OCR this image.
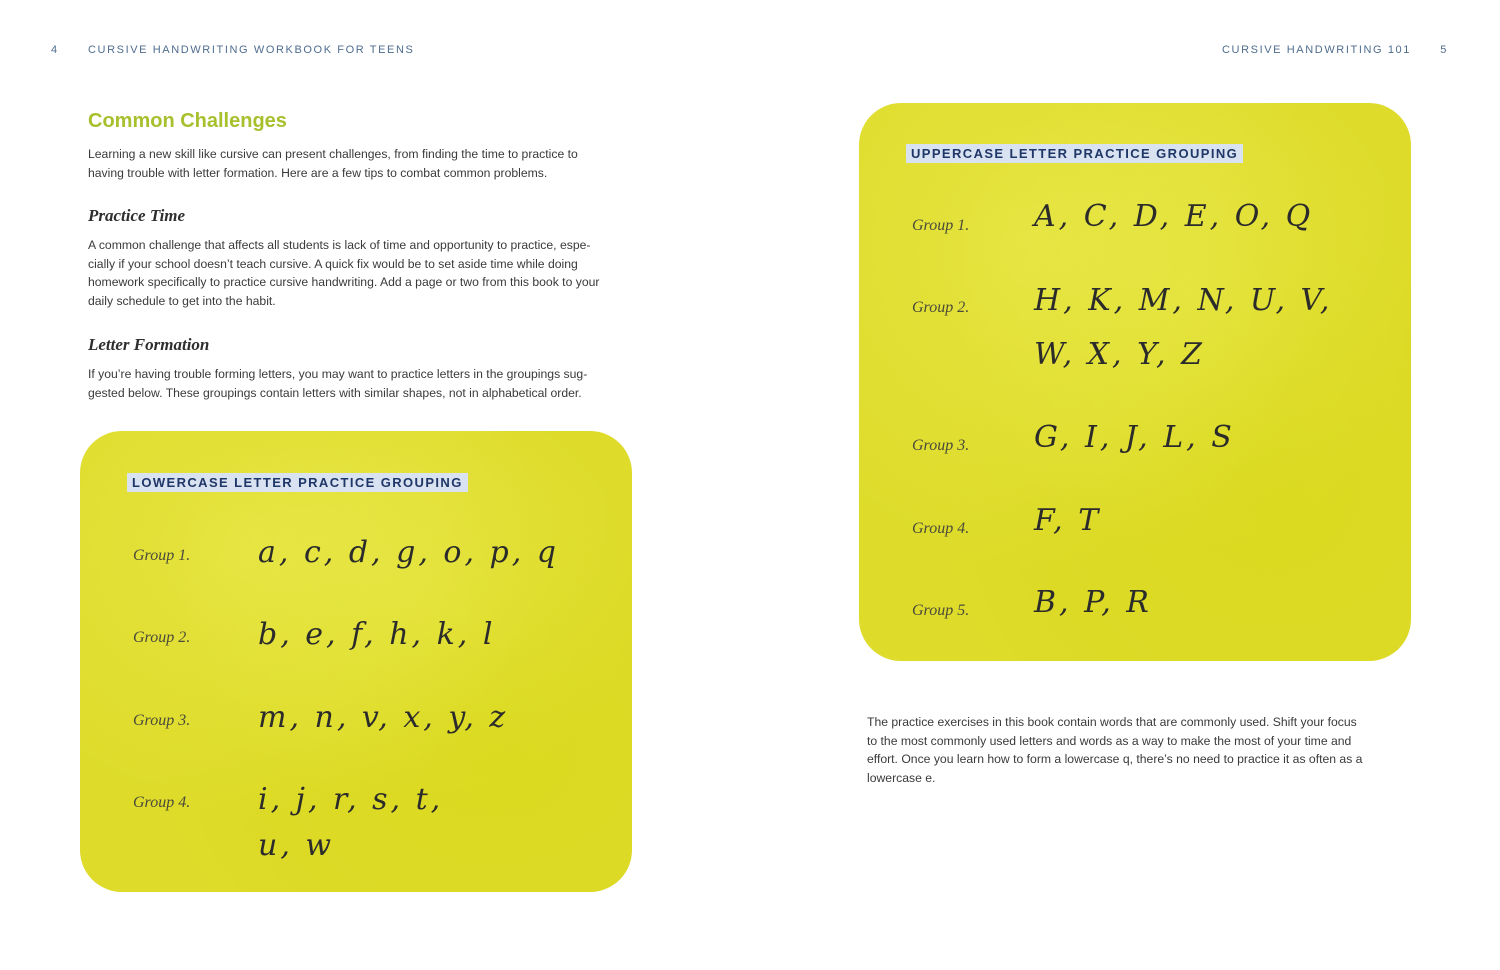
4	CURSIVE HANDWRITING WORKBOOK FOR TEENS
Common Challenges

Learning a new skill like cursive can present challenges, from finding the time to practice to
having trouble with letter formation. Here are a few tips to combat common problems.

Practice Time

A common challenge that affects all students is lack of time and opportunity to practice, espe-
cially if your school doesn’t teach cursive. A quick fix would be to set aside time while doing
homework specifically to practice cursive handwriting. Add a page or two from this book to your
daily schedule to get into the habit.

Letter Formation

If you’re having trouble forming letters, you may want to practice letters in the groupings sug-
gested below. These groupings contain letters with similar shapes, not in alphabetical order.

LOWERCASE LETTER PRACTICE GROUPING
Group 1. a, c, d, g, o, p, q
Group 2. b, e, f, h, k, l
Group 3. m, n, v, x, y, z
Group 4. i, j, r, s, t,
u, w
CURSIVE HANDWRITING 101	5
UPPERCASE LETTER PRACTICE GROUPING
Group 1. A, C, D, E, O, Q
Group 2. H, K, M, N, U, V,
W, X, Y, Z
Group 3. G, I, J, L, S
Group 4. F, T
Group 5. B, P, R

The practice exercises in this book contain words that are commonly used. Shift your focus
to the most commonly used letters and words as a way to make the most of your time and
effort. Once you learn how to form a lowercase q, there’s no need to practice it as often as a
lowercase e.
